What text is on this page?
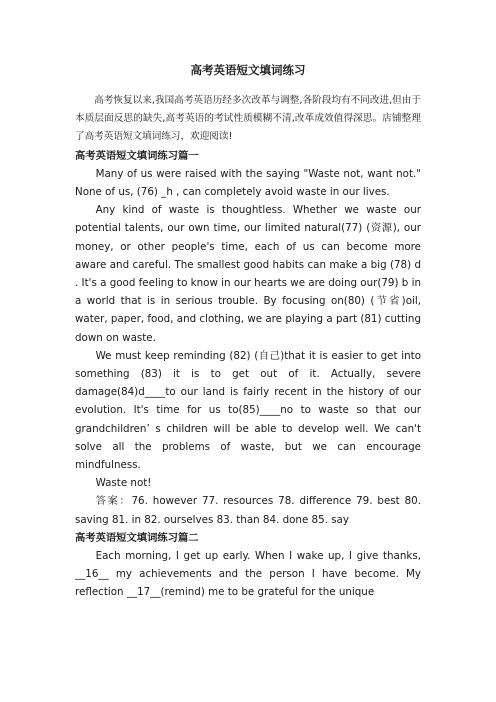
高考英语短文填词练习

高考恢复以来,我国高考英语历经多次改革与调整,各阶段均有不同改进,但由于本质层面反思的缺失,高考英语的考试性质模糊不清,改革成效值得深思。店铺整理了高考英语短文填词练习，欢迎阅读!

高考英语短文填词练习篇一

Many of us were raised with the saying "Waste not, want not." None of us, (76) _h , can completely avoid waste in our lives.

Any kind of waste is thoughtless. Whether we waste our potential talents, our own time, our limited natural(77) (资源), our money, or other people's time, each of us can become more aware and careful. The smallest good habits can make a big (78) d . It's a good feeling to know in our hearts we are doing our(79) b in a world that is in serious trouble. By focusing on(80) (节省)oil, water, paper, food, and clothing, we are playing a part (81) cutting down on waste.

We must keep reminding (82) (自己)that it is easier to get into something (83) it is to get out of it. Actually, severe damage(84)d____to our land is fairly recent in the history of our evolution. It's time for us to(85)____no to waste so that our grandchildren’ s children will be able to develop well. We can't solve all the problems of waste, but we can encourage mindfulness.

Waste not!

答案：76. however 77. resources 78. difference 79. best 80. saving 81. in 82. ourselves 83. than 84. done 85. say

高考英语短文填词练习篇二

Each morning, I get up early. When I wake up, I give thanks, __16__ my achievements and the person I have become. My reflection __17__(remind) me to be grateful for the unique
